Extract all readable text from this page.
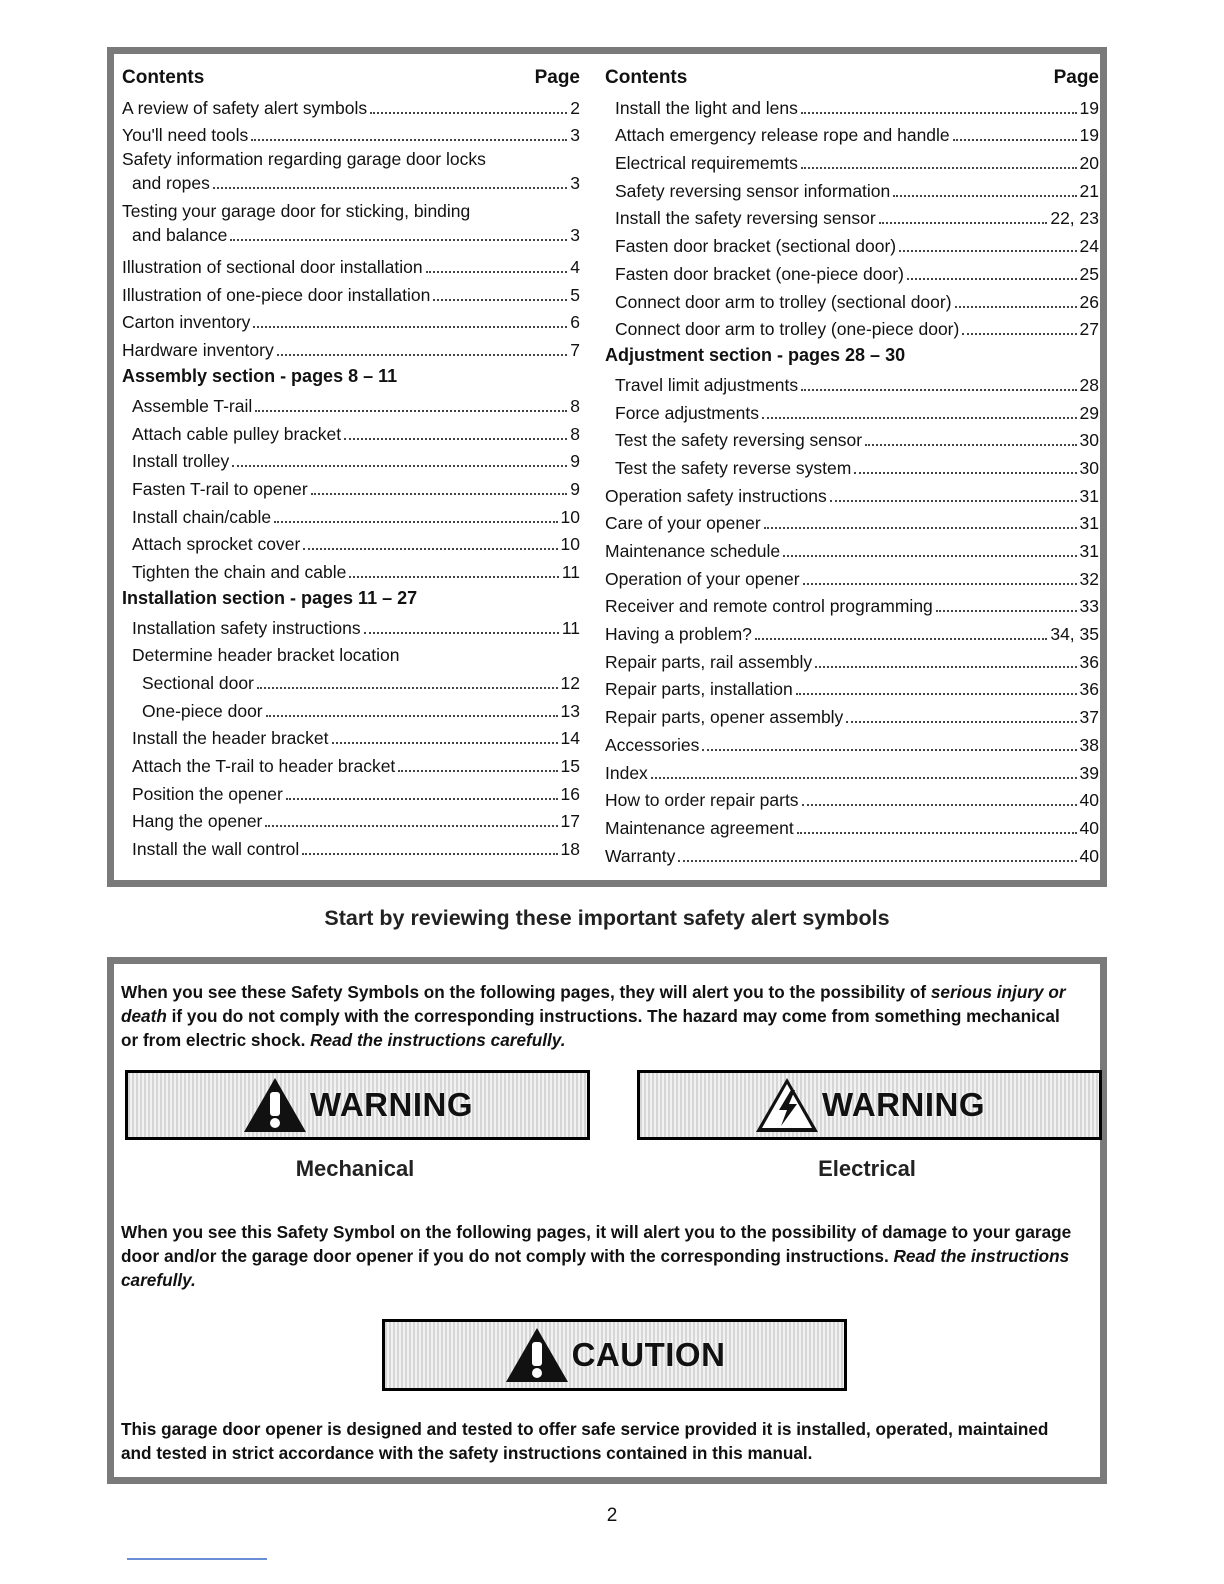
Contents	Page
A review of safety alert symbols	2
You'll need tools	3
Safety information regarding garage door locks
and ropes	3
Testing your garage door for sticking, binding
and balance	3
Illustration of sectional door installation	4
Illustration of one-piece door installation	5
Carton inventory	6
Hardware inventory	7
Assembly section - pages 8 – 11
Assemble T-rail	8
Attach cable pulley bracket	8
Install trolley	9
Fasten T-rail to opener	9
Install chain/cable	10
Attach sprocket cover	10
Tighten the chain and cable	11
Installation section - pages 11 – 27
Installation safety instructions	11
Determine header bracket location
Sectional door	12
One-piece door	13
Install the header bracket	14
Attach the T-rail to header bracket	15
Position the opener	16
Hang the opener	17
Install the wall control	18
Contents	Page
Install the light and lens	19
Attach emergency release rope and handle	19
Electrical requirememts	20
Safety reversing sensor information	21
Install the safety reversing sensor	22, 23
Fasten door bracket (sectional door)	24
Fasten door bracket (one-piece door)	25
Connect door arm to trolley (sectional door)	26
Connect door arm to trolley (one-piece door)	27
Adjustment section - pages 28 – 30
Travel limit adjustments	28
Force adjustments	29
Test the safety reversing sensor	30
Test the safety reverse system	30
Operation safety instructions	31
Care of your opener	31
Maintenance schedule	31
Operation of your opener	32
Receiver and remote control programming	33
Having a problem?	34, 35
Repair parts, rail assembly	36
Repair parts, installation	36
Repair parts, opener assembly	37
Accessories	38
Index	39
How to order repair parts	40
Maintenance agreement	40
Warranty	40
Start by reviewing these important safety alert symbols
When you see these Safety Symbols on the following pages, they will alert you to the possibility of serious injury or death if you do not comply with the corresponding instructions. The hazard may come from something mechanical or from electric shock. Read the instructions carefully.
WARNING
Mechanical
WARNING
Electrical
When you see this Safety Symbol on the following pages, it will alert you to the possibility of damage to your garage door and/or the garage door opener if you do not comply with the corresponding instructions. Read the instructions carefully.
CAUTION
This garage door opener is designed and tested to offer safe service provided it is installed, operated, maintained and tested in strict accordance with the safety instructions contained in this manual.
2
